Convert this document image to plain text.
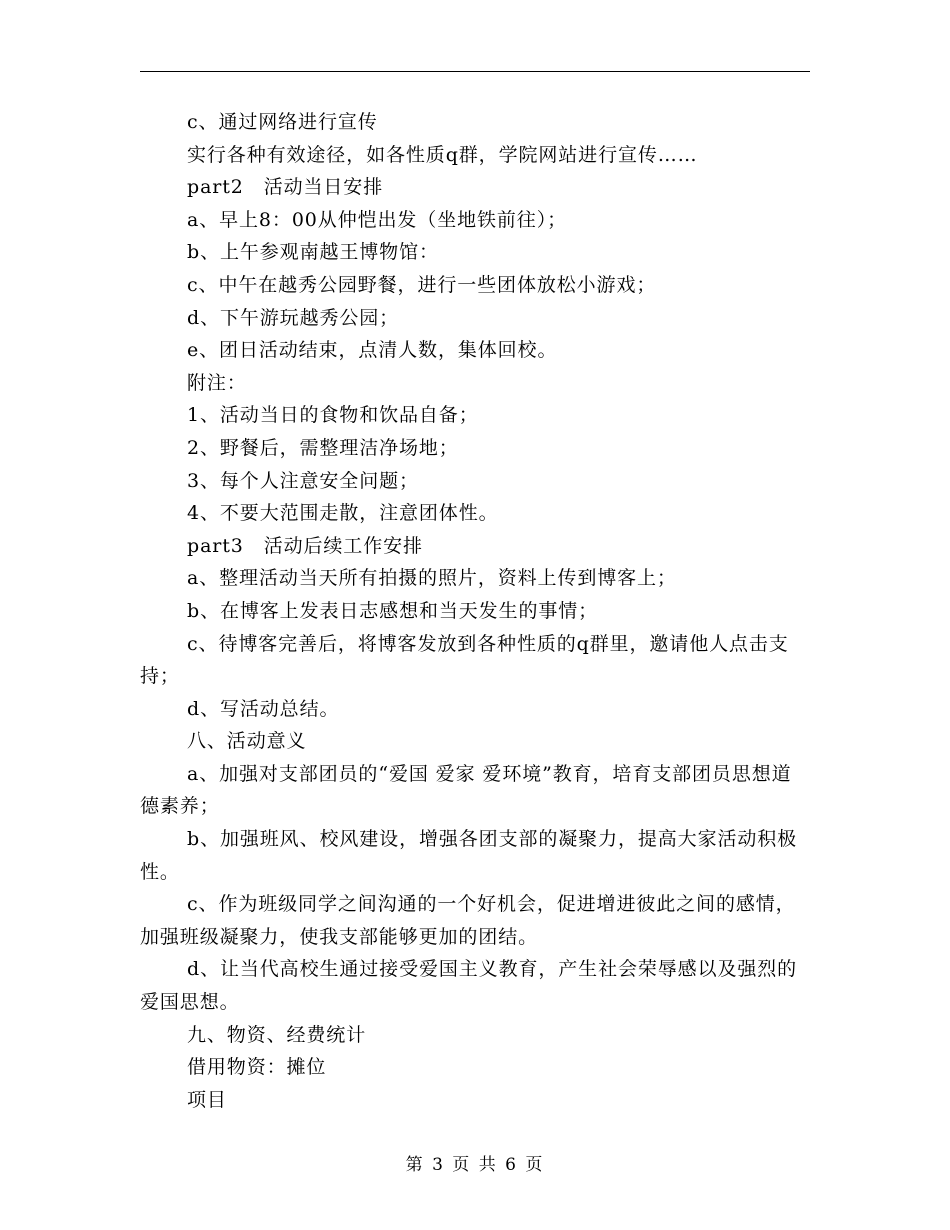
c、通过网络进行宣传

实行各种有效途径，如各性质q群，学院网站进行宣传……

part2　活动当日安排

a、早上8：00从仲恺出发（坐地铁前往）；

b、上午参观南越王博物馆：

c、中午在越秀公园野餐，进行一些团体放松小游戏；

d、下午游玩越秀公园；

e、团日活动结束，点清人数，集体回校。

附注：

1、活动当日的食物和饮品自备；

2、野餐后，需整理洁净场地；

3、每个人注意安全问题；

4、不要大范围走散，注意团体性。

part3　活动后续工作安排

a、整理活动当天所有拍摄的照片，资料上传到博客上；

b、在博客上发表日志感想和当天发生的事情；

c、待博客完善后，将博客发放到各种性质的q群里，邀请他人点击支持；

d、写活动总结。

八、活动意义

a、加强对支部团员的“爱国 爱家 爱环境”教育，培育支部团员思想道德素养；

b、加强班风、校风建设，增强各团支部的凝聚力，提高大家活动积极性。

c、作为班级同学之间沟通的一个好机会，促进增进彼此之间的感情，加强班级凝聚力，使我支部能够更加的团结。

d、让当代高校生通过接受爱国主义教育，产生社会荣辱感以及强烈的爱国思想。

九、物资、经费统计

借用物资：摊位

项目

第 3 页 共 6 页
